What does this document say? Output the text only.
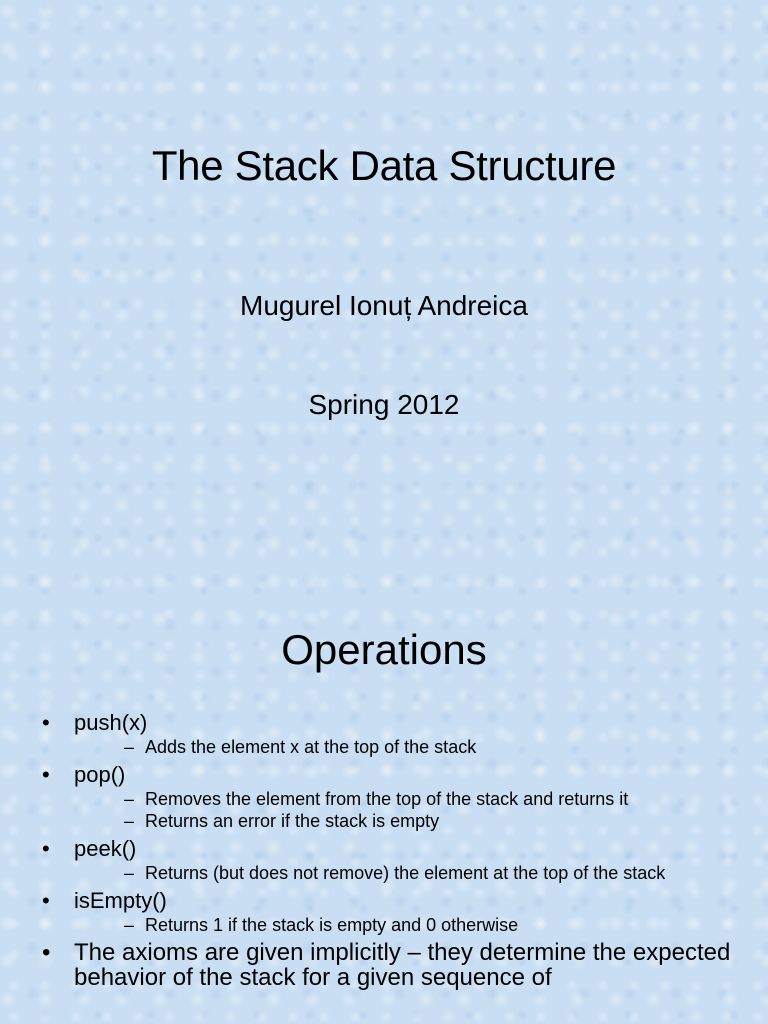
The Stack Data Structure
Mugurel Ionuț Andreica
Spring 2012
Operations
• push(x)
– Adds the element x at the top of the stack
• pop()
– Removes the element from the top of the stack and returns it
– Returns an error if the stack is empty
• peek()
– Returns (but does not remove) the element at the top of the stack
• isEmpty()
– Returns 1 if the stack is empty and 0 otherwise
• The axioms are given implicitly – they determine the expected behavior of the stack for a given sequence of
